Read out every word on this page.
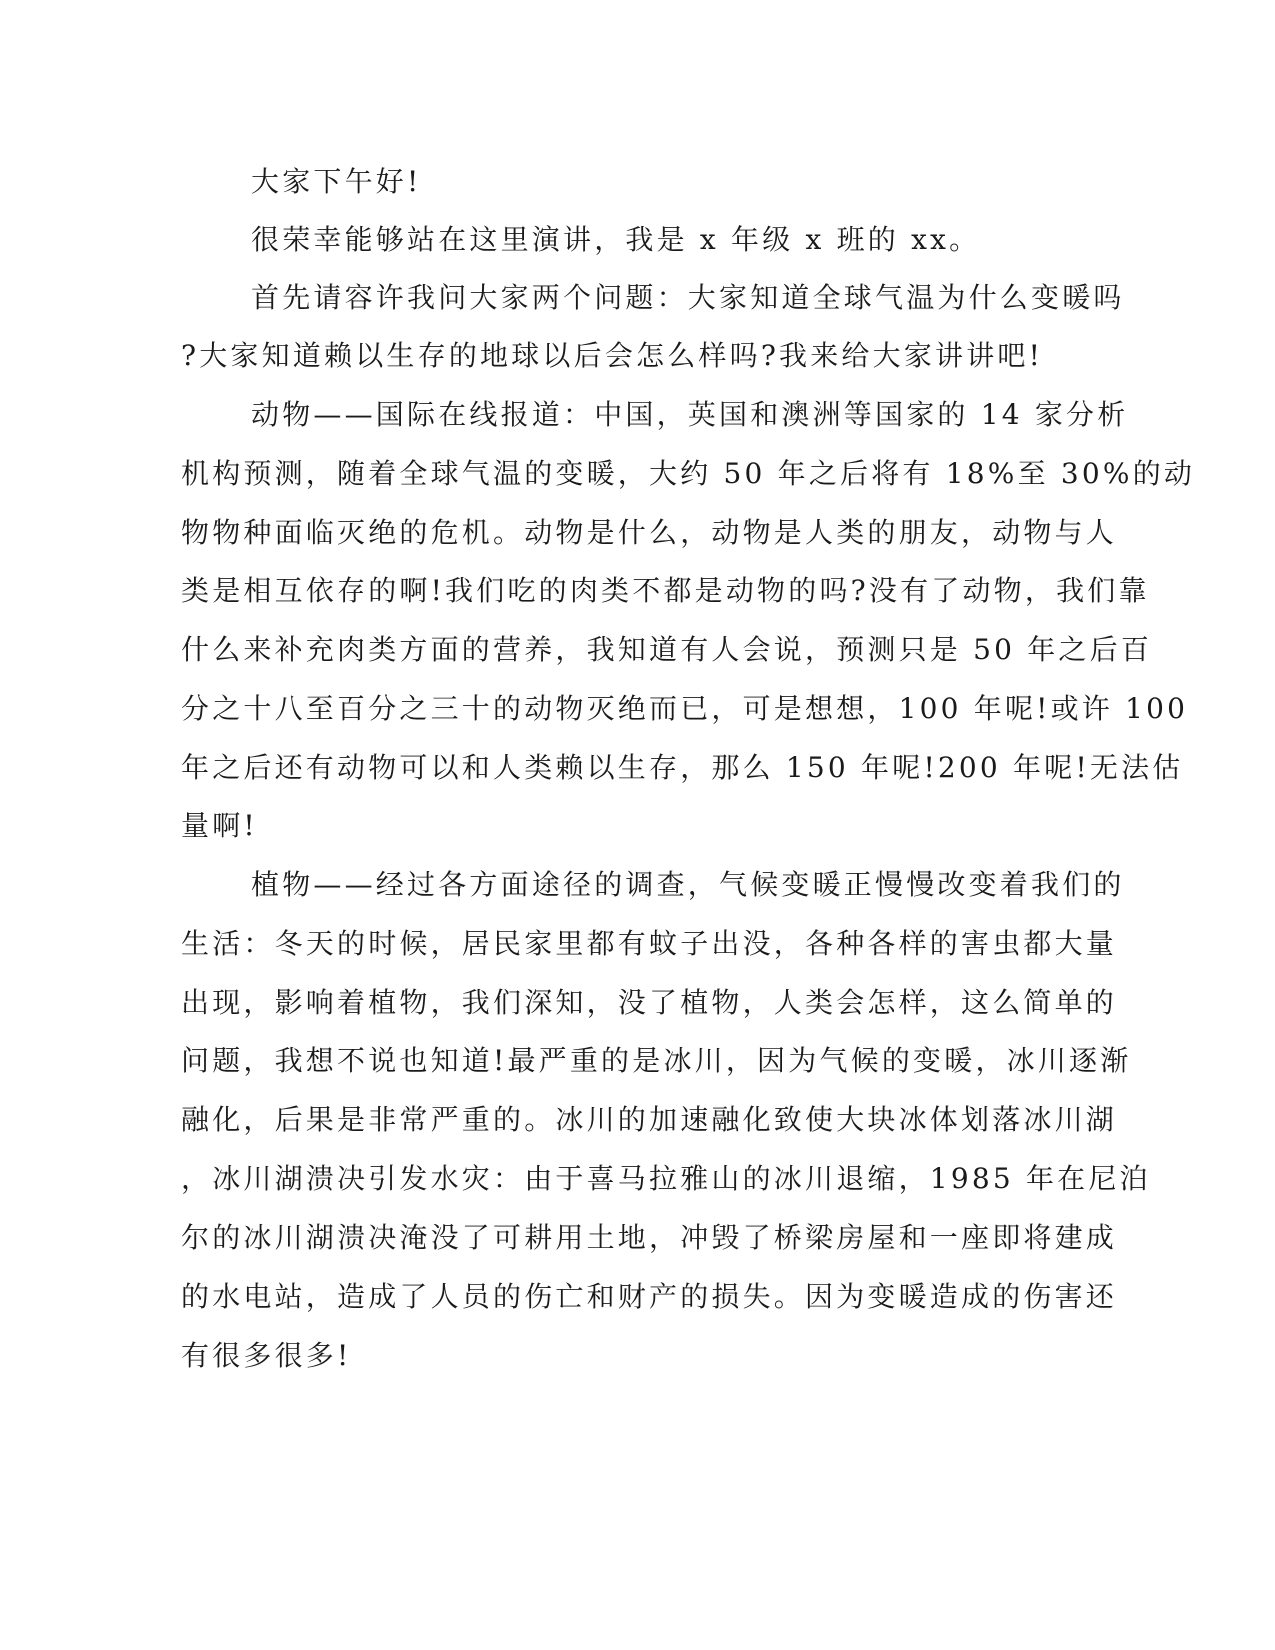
大家下午好!
很荣幸能够站在这里演讲，我是 x 年级 x 班的 xx。
首先请容许我问大家两个问题：大家知道全球气温为什么变暖吗
?大家知道赖以生存的地球以后会怎么样吗?我来给大家讲讲吧!
动物——国际在线报道：中国，英国和澳洲等国家的 14 家分析
机构预测，随着全球气温的变暖，大约 50 年之后将有 18%至 30%的动
物物种面临灭绝的危机。动物是什么，动物是人类的朋友，动物与人
类是相互依存的啊!我们吃的肉类不都是动物的吗?没有了动物，我们靠
什么来补充肉类方面的营养，我知道有人会说，预测只是 50 年之后百
分之十八至百分之三十的动物灭绝而已，可是想想，100 年呢!或许 100
年之后还有动物可以和人类赖以生存，那么 150 年呢!200 年呢!无法估
量啊!
植物——经过各方面途径的调查，气候变暖正慢慢改变着我们的
生活：冬天的时候，居民家里都有蚊子出没，各种各样的害虫都大量
出现，影响着植物，我们深知，没了植物，人类会怎样，这么简单的
问题，我想不说也知道!最严重的是冰川，因为气候的变暖，冰川逐渐
融化，后果是非常严重的。冰川的加速融化致使大块冰体划落冰川湖
，冰川湖溃决引发水灾：由于喜马拉雅山的冰川退缩，1985 年在尼泊
尔的冰川湖溃决淹没了可耕用土地，冲毁了桥梁房屋和一座即将建成
的水电站，造成了人员的伤亡和财产的损失。因为变暖造成的伤害还
有很多很多!
